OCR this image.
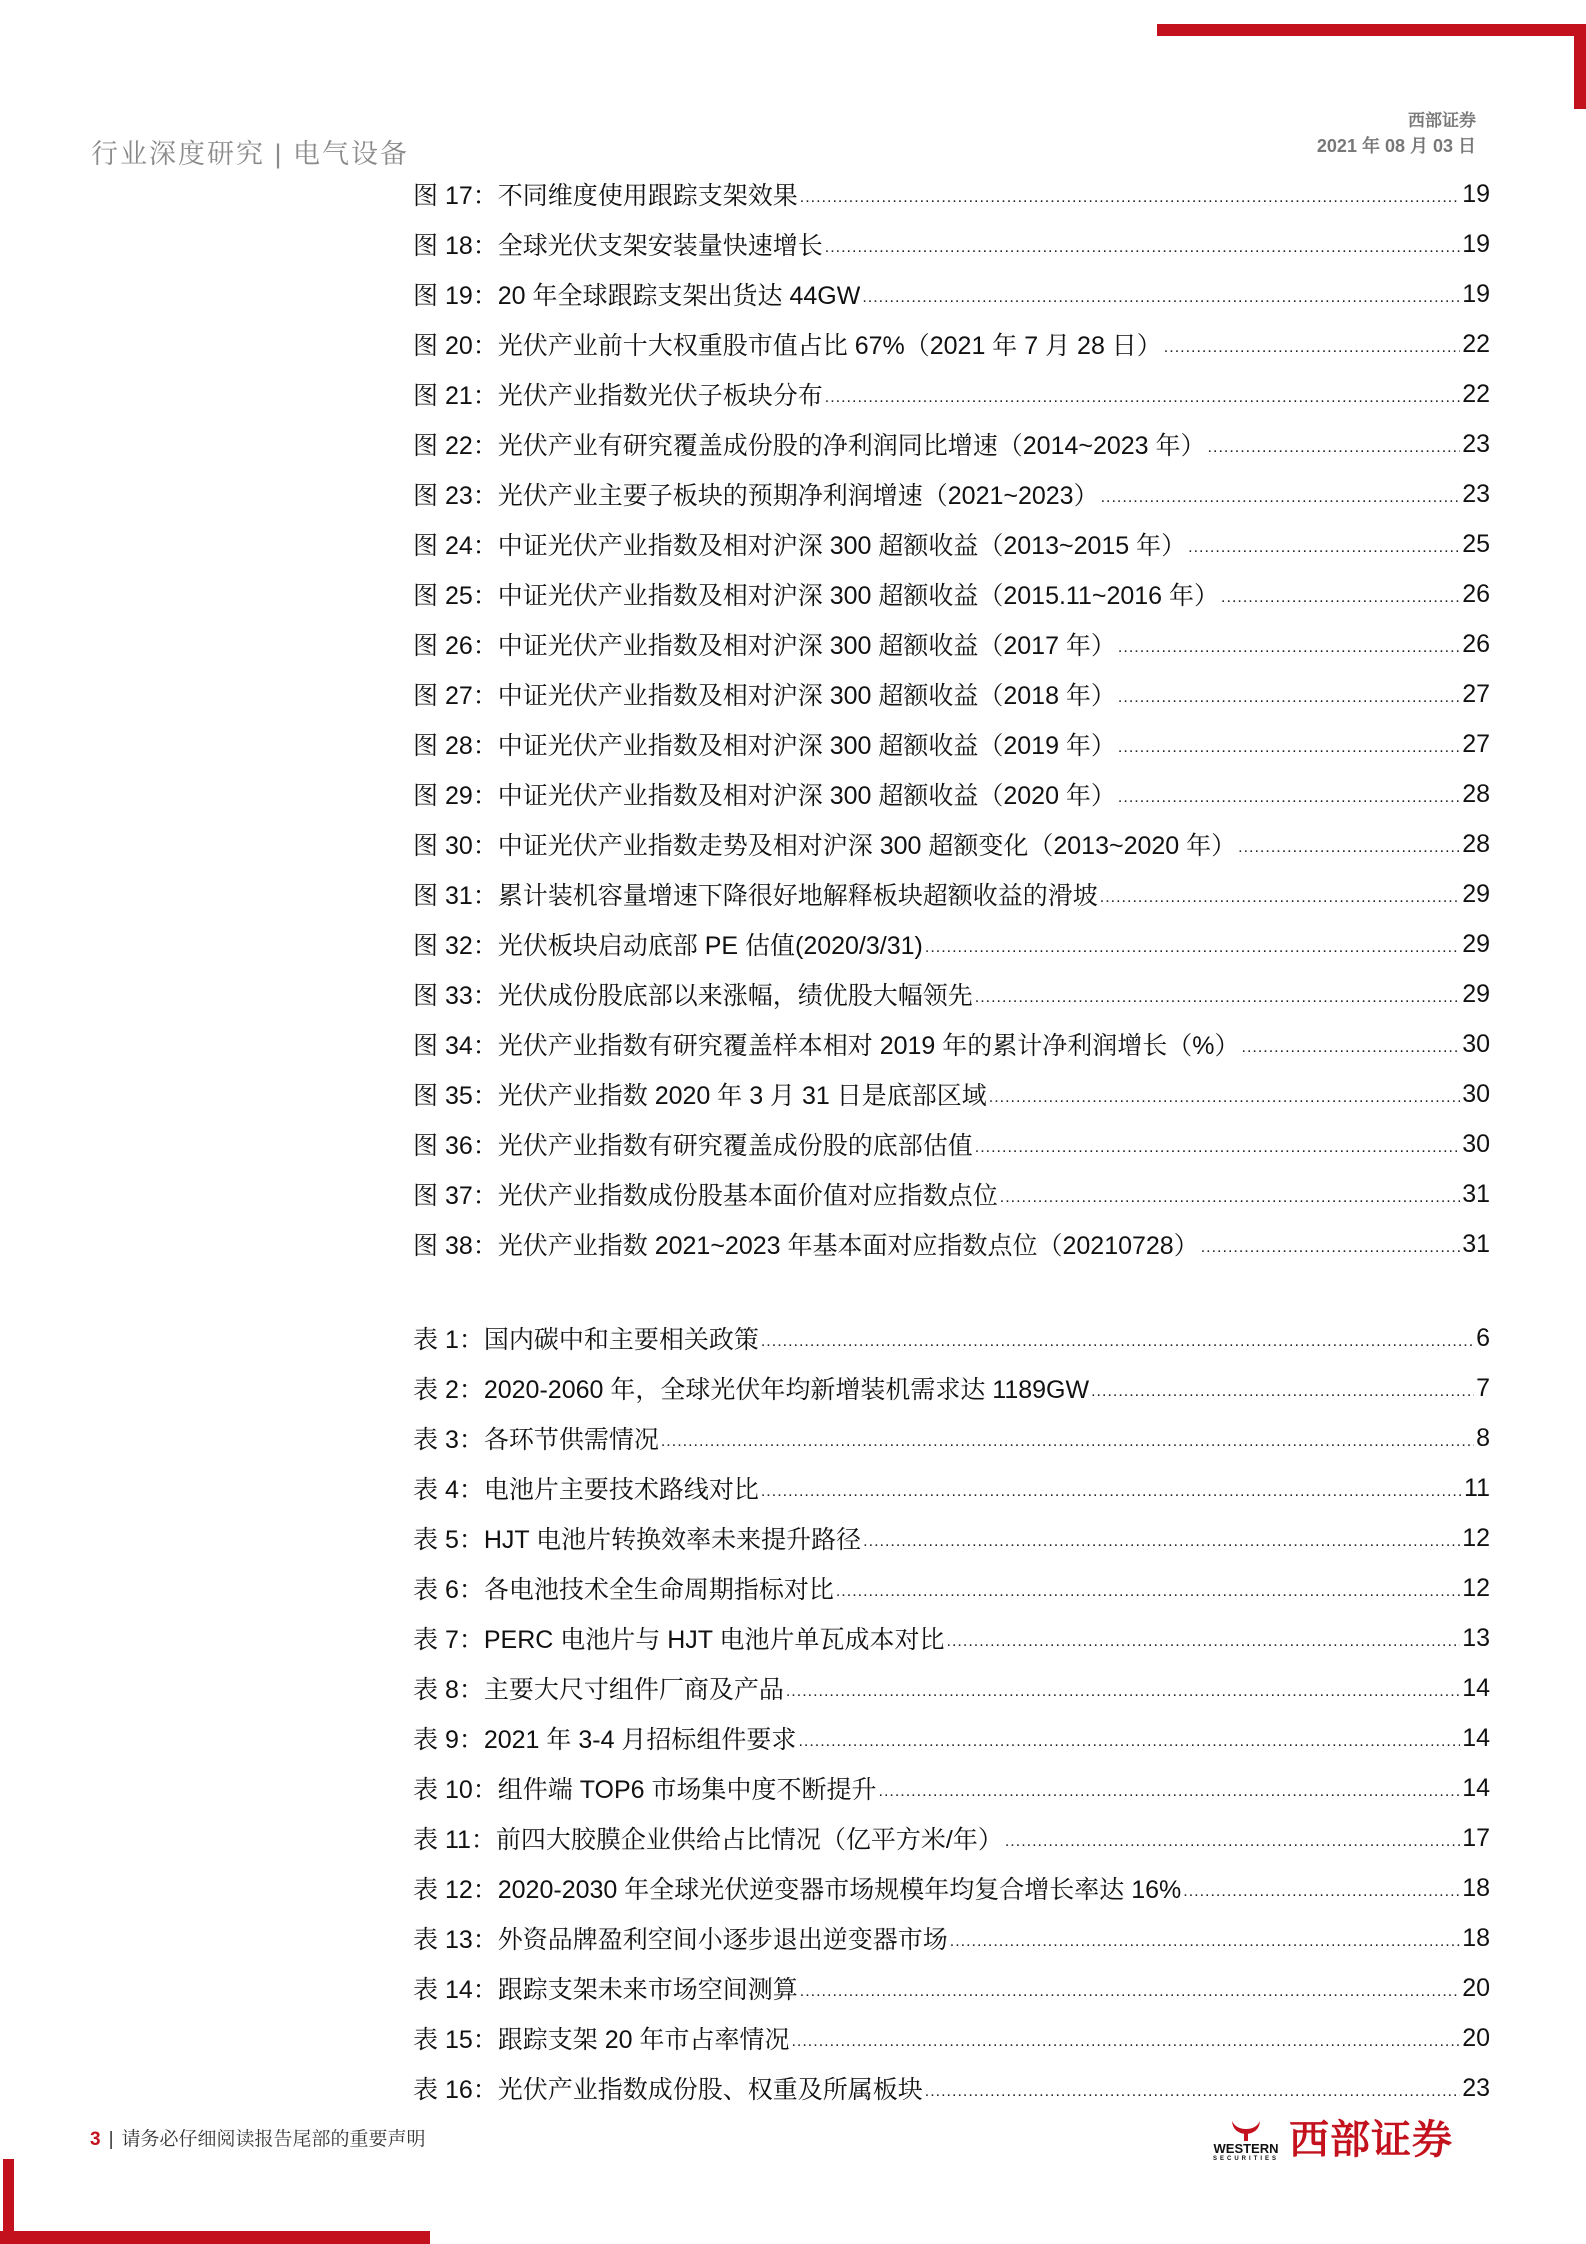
行业深度研究 | 电气设备
西部证券
2021 年 08 月 03 日
图 17：不同维度使用跟踪支架效果 .....	19
图 18：全球光伏支架安装量快速增长 .....	19
图 19：20 年全球跟踪支架出货达 44GW .....	19
图 20：光伏产业前十大权重股市值占比 67%（2021 年 7 月 28 日） .....	22
图 21：光伏产业指数光伏子板块分布 .....	22
图 22：光伏产业有研究覆盖成份股的净利润同比增速（2014~2023 年） .....	23
图 23：光伏产业主要子板块的预期净利润增速（2021~2023） .....	23
图 24：中证光伏产业指数及相对沪深 300 超额收益（2013~2015 年） .....	25
图 25：中证光伏产业指数及相对沪深 300 超额收益（2015.11~2016 年） .....	26
图 26：中证光伏产业指数及相对沪深 300 超额收益（2017 年） .....	26
图 27：中证光伏产业指数及相对沪深 300 超额收益（2018 年） .....	27
图 28：中证光伏产业指数及相对沪深 300 超额收益（2019 年） .....	27
图 29：中证光伏产业指数及相对沪深 300 超额收益（2020 年） .....	28
图 30：中证光伏产业指数走势及相对沪深 300 超额变化（2013~2020 年） .....	28
图 31：累计装机容量增速下降很好地解释板块超额收益的滑坡 .....	29
图 32：光伏板块启动底部 PE 估值(2020/3/31) .....	29
图 33：光伏成份股底部以来涨幅，绩优股大幅领先 .....	29
图 34：光伏产业指数有研究覆盖样本相对 2019 年的累计净利润增长（%） .....	30
图 35：光伏产业指数 2020 年 3 月 31 日是底部区域 .....	30
图 36：光伏产业指数有研究覆盖成份股的底部估值 .....	30
图 37：光伏产业指数成份股基本面价值对应指数点位 .....	31
图 38：光伏产业指数 2021~2023 年基本面对应指数点位（20210728） .....	31
表 1：国内碳中和主要相关政策 .....	6
表 2：2020-2060 年，全球光伏年均新增装机需求达 1189GW .....	7
表 3：各环节供需情况 .....	8
表 4：电池片主要技术路线对比 .....	11
表 5：HJT 电池片转换效率未来提升路径 .....	12
表 6：各电池技术全生命周期指标对比 .....	12
表 7：PERC 电池片与 HJT 电池片单瓦成本对比 .....	13
表 8：主要大尺寸组件厂商及产品 .....	14
表 9：2021 年 3-4 月招标组件要求 .....	14
表 10：组件端 TOP6 市场集中度不断提升 .....	14
表 11：前四大胶膜企业供给占比情况（亿平方米/年） .....	17
表 12：2020-2030 年全球光伏逆变器市场规模年均复合增长率达 16% .....	18
表 13：外资品牌盈利空间小逐步退出逆变器市场 .....	18
表 14：跟踪支架未来市场空间测算 .....	20
表 15：跟踪支架 20 年市占率情况 .....	20
表 16：光伏产业指数成份股、权重及所属板块 .....	23
3 | 请务必仔细阅读报告尾部的重要声明	WESTERN
SECURITIES 西部证券
